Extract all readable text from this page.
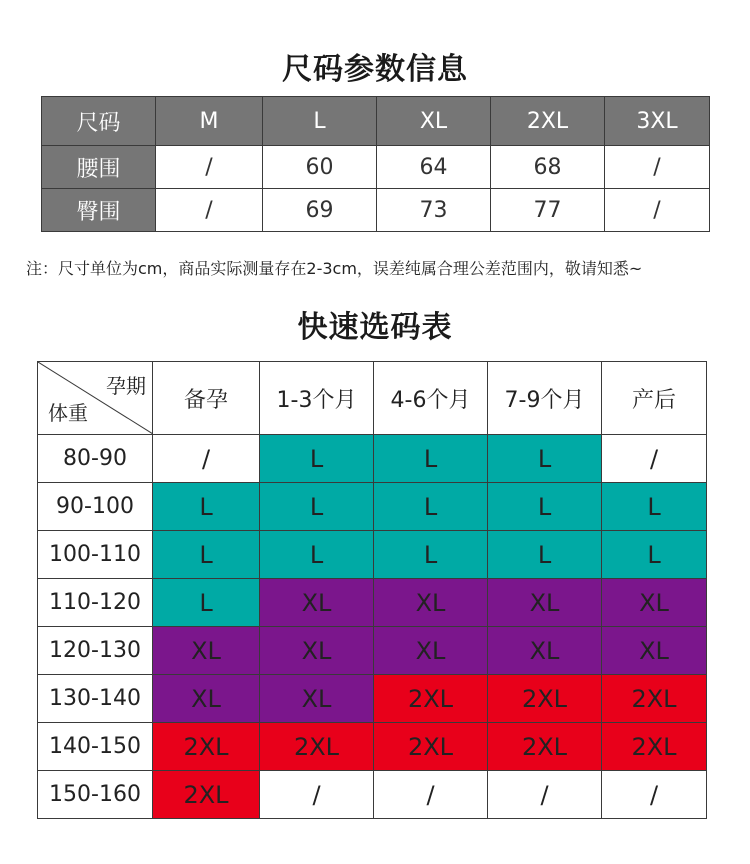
尺码参数信息
尺码	M	L	XL	2XL	3XL
腰围	/	60	64	68	/
臀围	/	69	73	77	/
注：尺寸单位为cm，商品实际测量存在2-3cm，误差纯属合理公差范围内，敬请知悉~
快速选码表
孕期
体重	备孕	1-3个月	4-6个月	7-9个月	产后
80-90	/	L	L	L	/
90-100	L	L	L	L	L
100-110	L	L	L	L	L
110-120	L	XL	XL	XL	XL
120-130	XL	XL	XL	XL	XL
130-140	XL	XL	2XL	2XL	2XL
140-150	2XL	2XL	2XL	2XL	2XL
150-160	2XL	/	/	/	/
